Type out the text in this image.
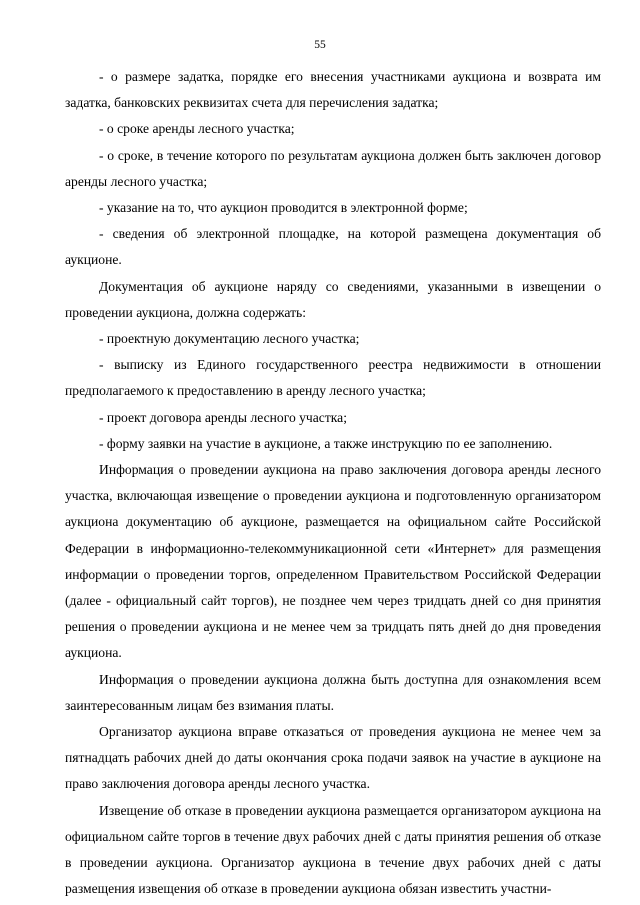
55

- о размере задатка, порядке его внесения участниками аукциона и возврата им задатка, банковских реквизитах счета для перечисления задатка;

- о сроке аренды лесного участка;

- о сроке, в течение которого по результатам аукциона должен быть заключен договор аренды лесного участка;

- указание на то, что аукцион проводится в электронной форме;

- сведения об электронной площадке, на которой размещена документация об аукционе.

Документация об аукционе наряду со сведениями, указанными в извещении о проведении аукциона, должна содержать:

- проектную документацию лесного участка;

- выписку из Единого государственного реестра недвижимости в отношении предполагаемого к предоставлению в аренду лесного участка;

- проект договора аренды лесного участка;

- форму заявки на участие в аукционе, а также инструкцию по ее заполнению.

Информация о проведении аукциона на право заключения договора аренды лесного участка, включающая извещение о проведении аукциона и подготовленную организатором аукциона документацию об аукционе, размещается на официальном сайте Российской Федерации в информационно-телекоммуникационной сети «Интернет» для размещения информации о проведении торгов, определенном Правительством Российской Федерации (далее - официальный сайт торгов), не позднее чем через тридцать дней со дня принятия решения о проведении аукциона и не менее чем за тридцать пять дней до дня проведения аукциона.

Информация о проведении аукциона должна быть доступна для ознакомления всем заинтересованным лицам без взимания платы.

Организатор аукциона вправе отказаться от проведения аукциона не менее чем за пятнадцать рабочих дней до даты окончания срока подачи заявок на участие в аукционе на право заключения договора аренды лесного участка.

Извещение об отказе в проведении аукциона размещается организатором аукциона на официальном сайте торгов в течение двух рабочих дней с даты принятия решения об отказе в проведении аукциона. Организатор аукциона в течение двух рабочих дней с даты размещения извещения об отказе в проведении аукциона обязан известить участни-
